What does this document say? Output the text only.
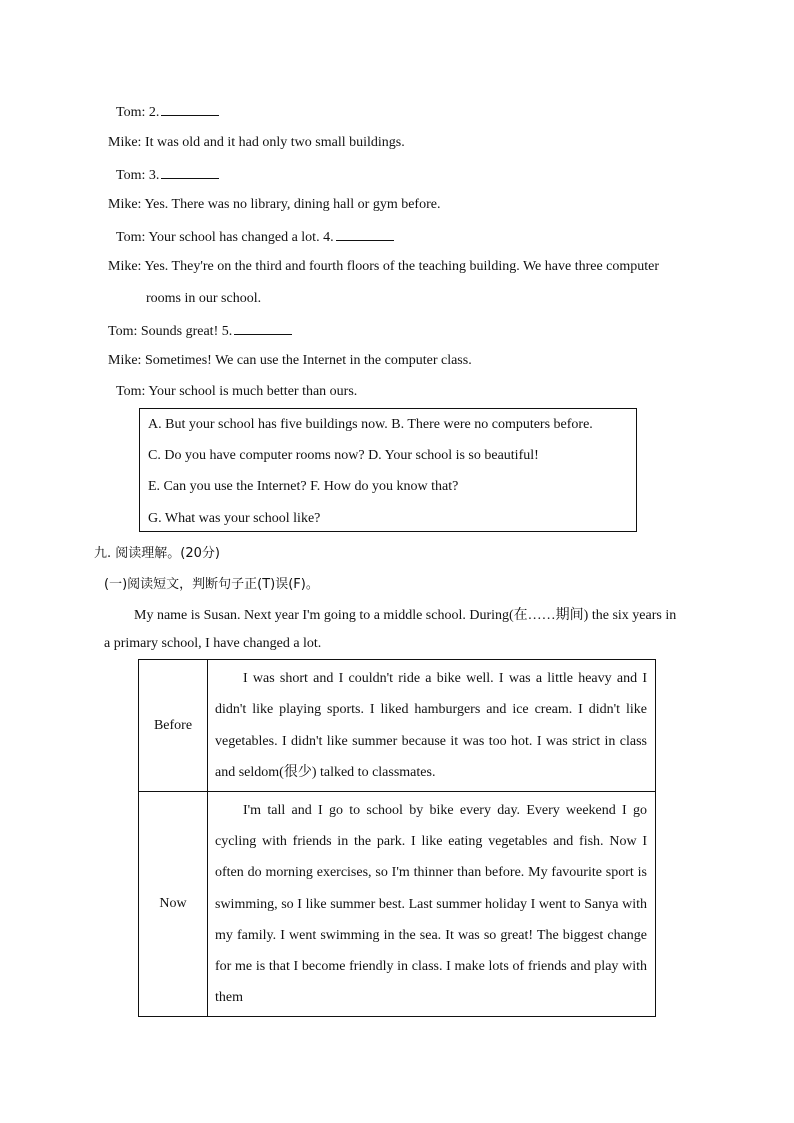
Tom: 2.
Mike: It was old and it had only two small buildings.
Tom: 3.
Mike: Yes. There was no library, dining hall or gym before.
Tom: Your school has changed a lot. 4.
Mike: Yes. They're on the third and fourth floors of the teaching building. We have three computer
rooms in our school.
Tom: Sounds great! 5.
Mike: Sometimes! We can use the Internet in the computer class.
Tom: Your school is much better than ours.
A. But your school has five buildings now. B. There were no computers before.
C. Do you have computer rooms now? D. Your school is so beautiful!
E. Can you use the Internet? F. How do you know that?
G. What was your school like?
九. 阅读理解。(20分)
(一)阅读短文，判断句子正(T)误(F)。
My name is Susan. Next year I'm going to a middle school. During(在……期间) the six years in
a primary school, I have changed a lot.
Before	I was short and I couldn't ride a bike well. I was a little heavy and I didn't like playing sports. I liked hamburgers and ice cream. I didn't like vegetables. I didn't like summer because it was too hot. I was strict in class and seldom(很少) talked to classmates.
Now	I'm tall and I go to school by bike every day. Every weekend I go cycling with friends in the park. I like eating vegetables and fish. Now I often do morning exercises, so I'm thinner than before. My favourite sport is swimming, so I like summer best. Last summer holiday I went to Sanya with my family. I went swimming in the sea. It was so great! The biggest change for me is that I become friendly in class. I make lots of friends and play with them
